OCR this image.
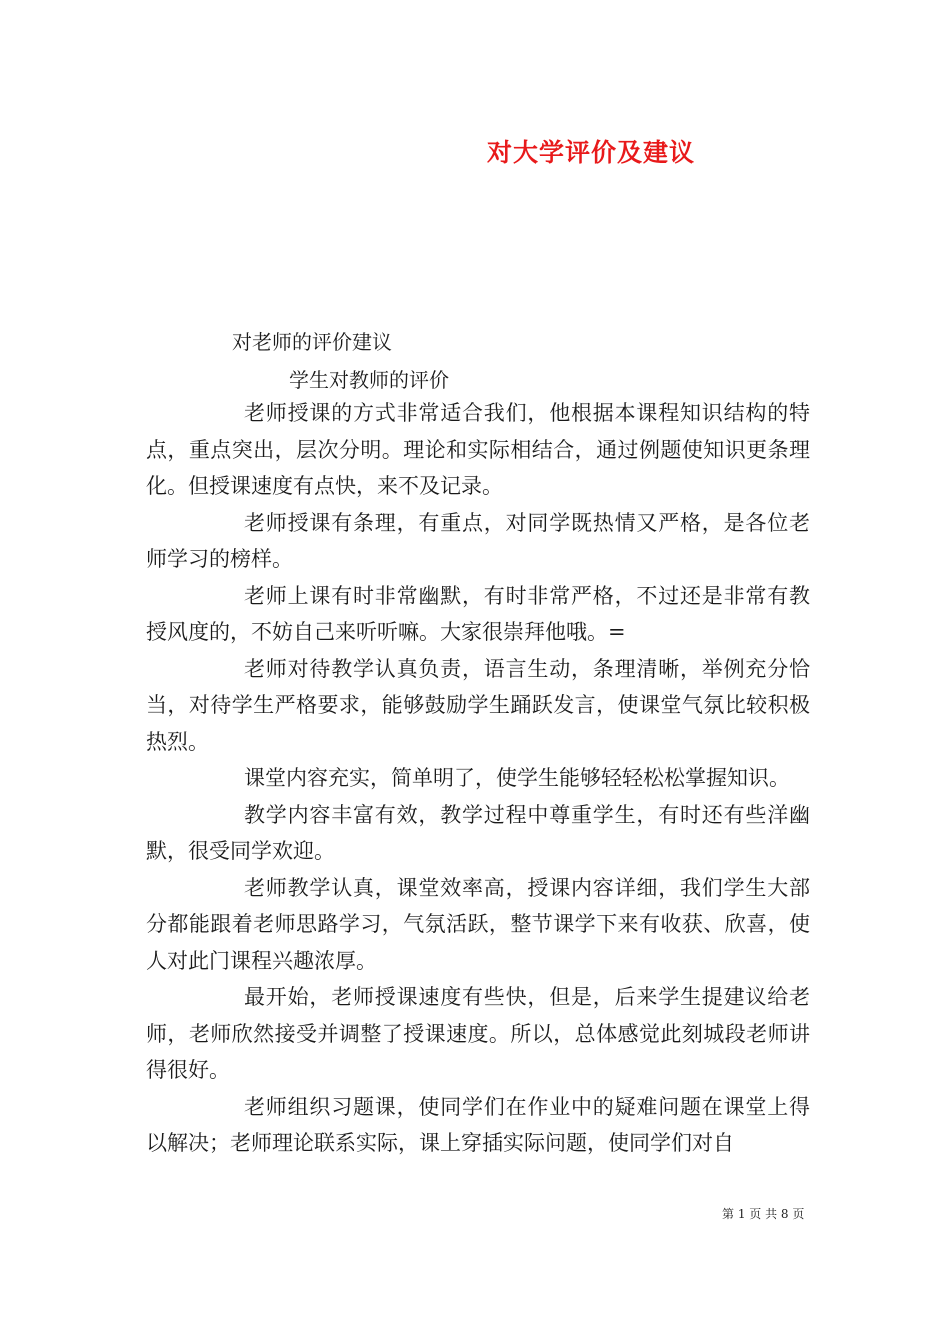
对大学评价及建议
对老师的评价建议
学生对教师的评价

老师授课的方式非常适合我们，他根据本课程知识结构的特点，重点突出，层次分明。理论和实际相结合，通过例题使知识更条理化。但授课速度有点快，来不及记录。

老师授课有条理，有重点，对同学既热情又严格，是各位老师学习的榜样。

老师上课有时非常幽默，有时非常严格，不过还是非常有教授风度的，不妨自己来听听嘛。大家很崇拜他哦。=

老师对待教学认真负责，语言生动，条理清晰，举例充分恰当，对待学生严格要求，能够鼓励学生踊跃发言，使课堂气氛比较积极热烈。

课堂内容充实，简单明了，使学生能够轻轻松松掌握知识。

教学内容丰富有效，教学过程中尊重学生，有时还有些洋幽默，很受同学欢迎。

老师教学认真，课堂效率高，授课内容详细，我们学生大部分都能跟着老师思路学习，气氛活跃，整节课学下来有收获、欣喜，使人对此门课程兴趣浓厚。

最开始，老师授课速度有些快，但是，后来学生提建议给老师，老师欣然接受并调整了授课速度。所以，总体感觉此刻城段老师讲得很好。

老师组织习题课，使同学们在作业中的疑难问题在课堂上得以解决；老师理论联系实际，课上穿插实际问题，使同学们对自

第 1 页 共 8 页
